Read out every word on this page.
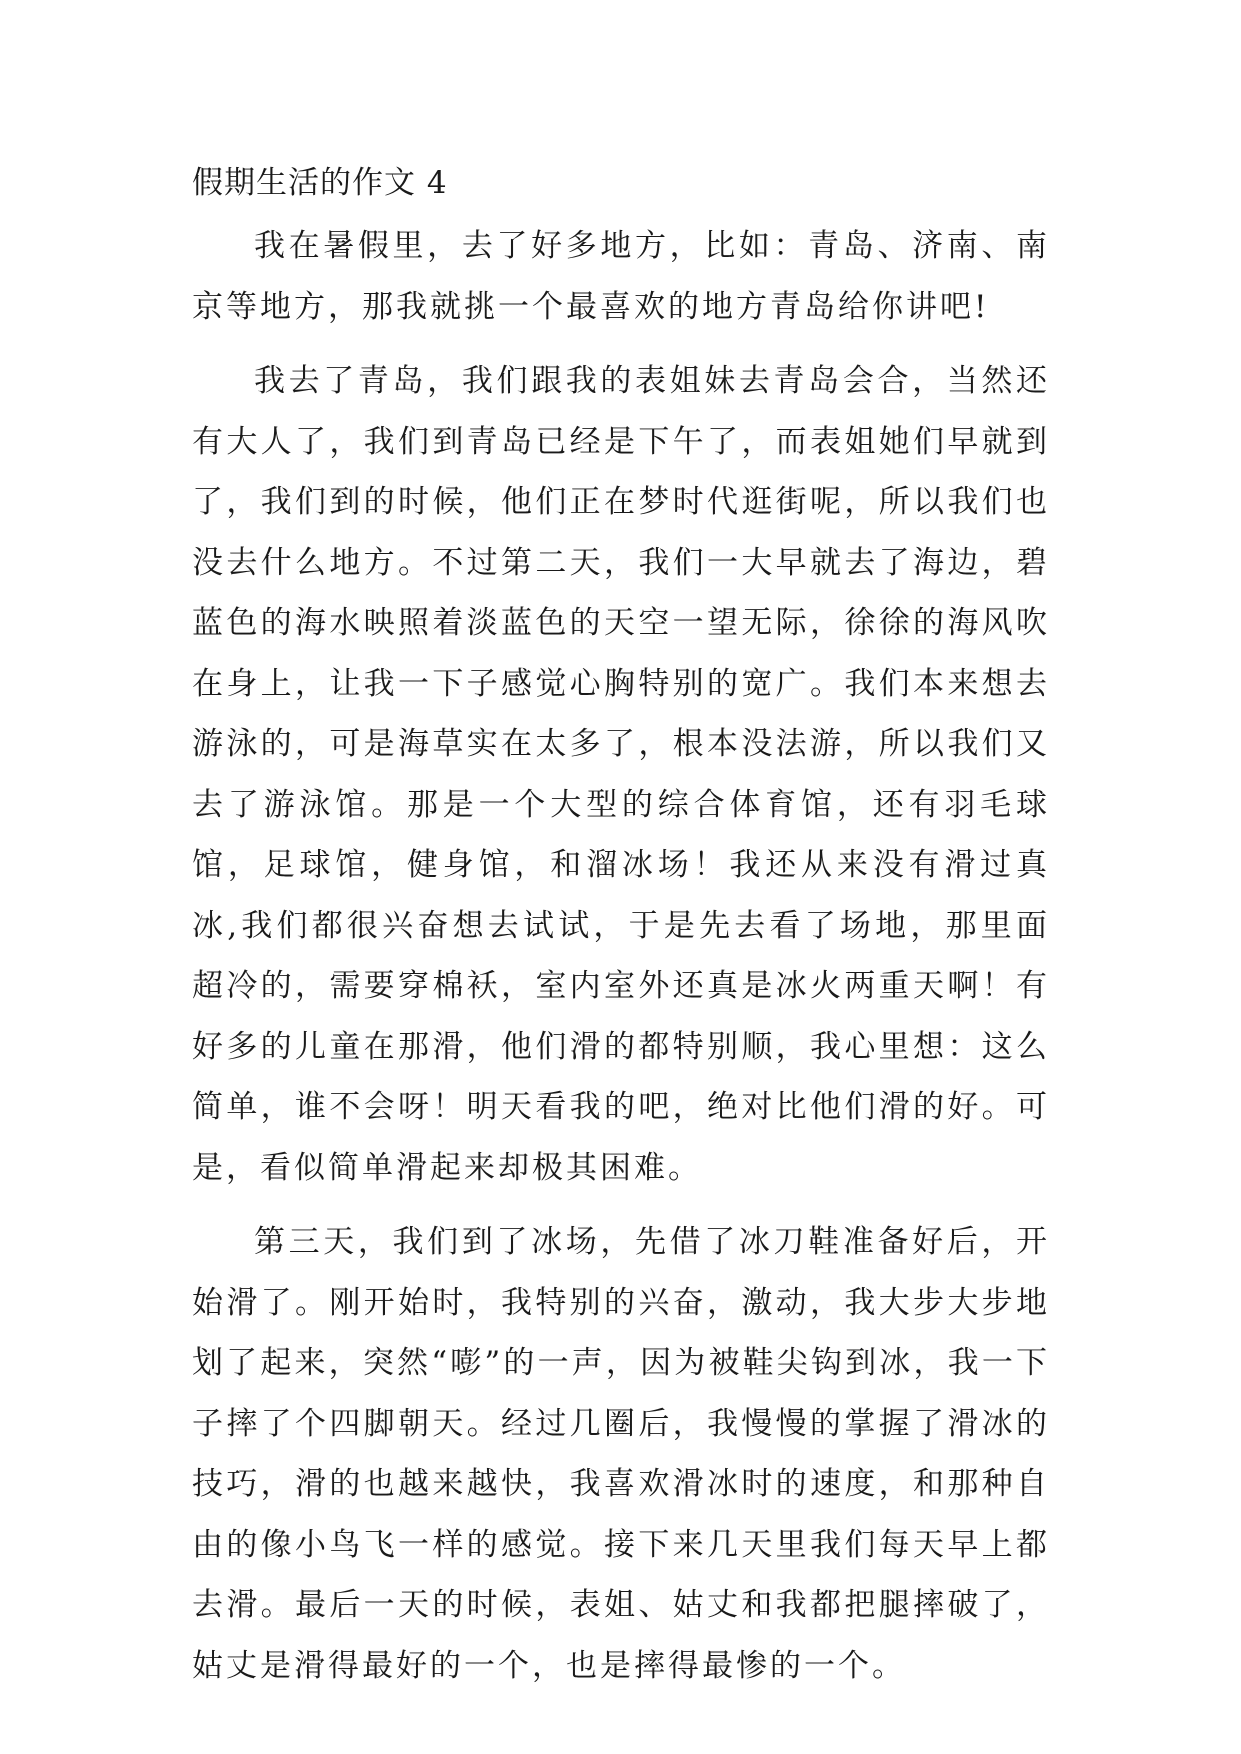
假期生活的作文 4

我在暑假里，去了好多地方，比如：青岛、济南、南京等地方，那我就挑一个最喜欢的地方青岛给你讲吧!

我去了青岛，我们跟我的表姐妹去青岛会合，当然还有大人了，我们到青岛已经是下午了，而表姐她们早就到了，我们到的时候，他们正在梦时代逛街呢，所以我们也没去什么地方。不过第二天，我们一大早就去了海边，碧蓝色的海水映照着淡蓝色的天空一望无际，徐徐的海风吹在身上，让我一下子感觉心胸特别的宽广。我们本来想去游泳的，可是海草实在太多了，根本没法游，所以我们又去了游泳馆。那是一个大型的综合体育馆，还有羽毛球馆，足球馆，健身馆，和溜冰场！我还从来没有滑过真冰,我们都很兴奋想去试试，于是先去看了场地，那里面超冷的，需要穿棉袄，室内室外还真是冰火两重天啊！有好多的儿童在那滑，他们滑的都特别顺，我心里想：这么简单，谁不会呀！明天看我的吧，绝对比他们滑的好。可是，看似简单滑起来却极其困难。

第三天，我们到了冰场，先借了冰刀鞋准备好后，开始滑了。刚开始时，我特别的兴奋，激动，我大步大步地划了起来，突然“嘭”的一声，因为被鞋尖钩到冰，我一下子摔了个四脚朝天。经过几圈后，我慢慢的掌握了滑冰的技巧，滑的也越来越快，我喜欢滑冰时的速度，和那种自由的像小鸟飞一样的感觉。接下来几天里我们每天早上都去滑。最后一天的时候，表姐、姑丈和我都把腿摔破了，姑丈是滑得最好的一个，也是摔得最惨的一个。
